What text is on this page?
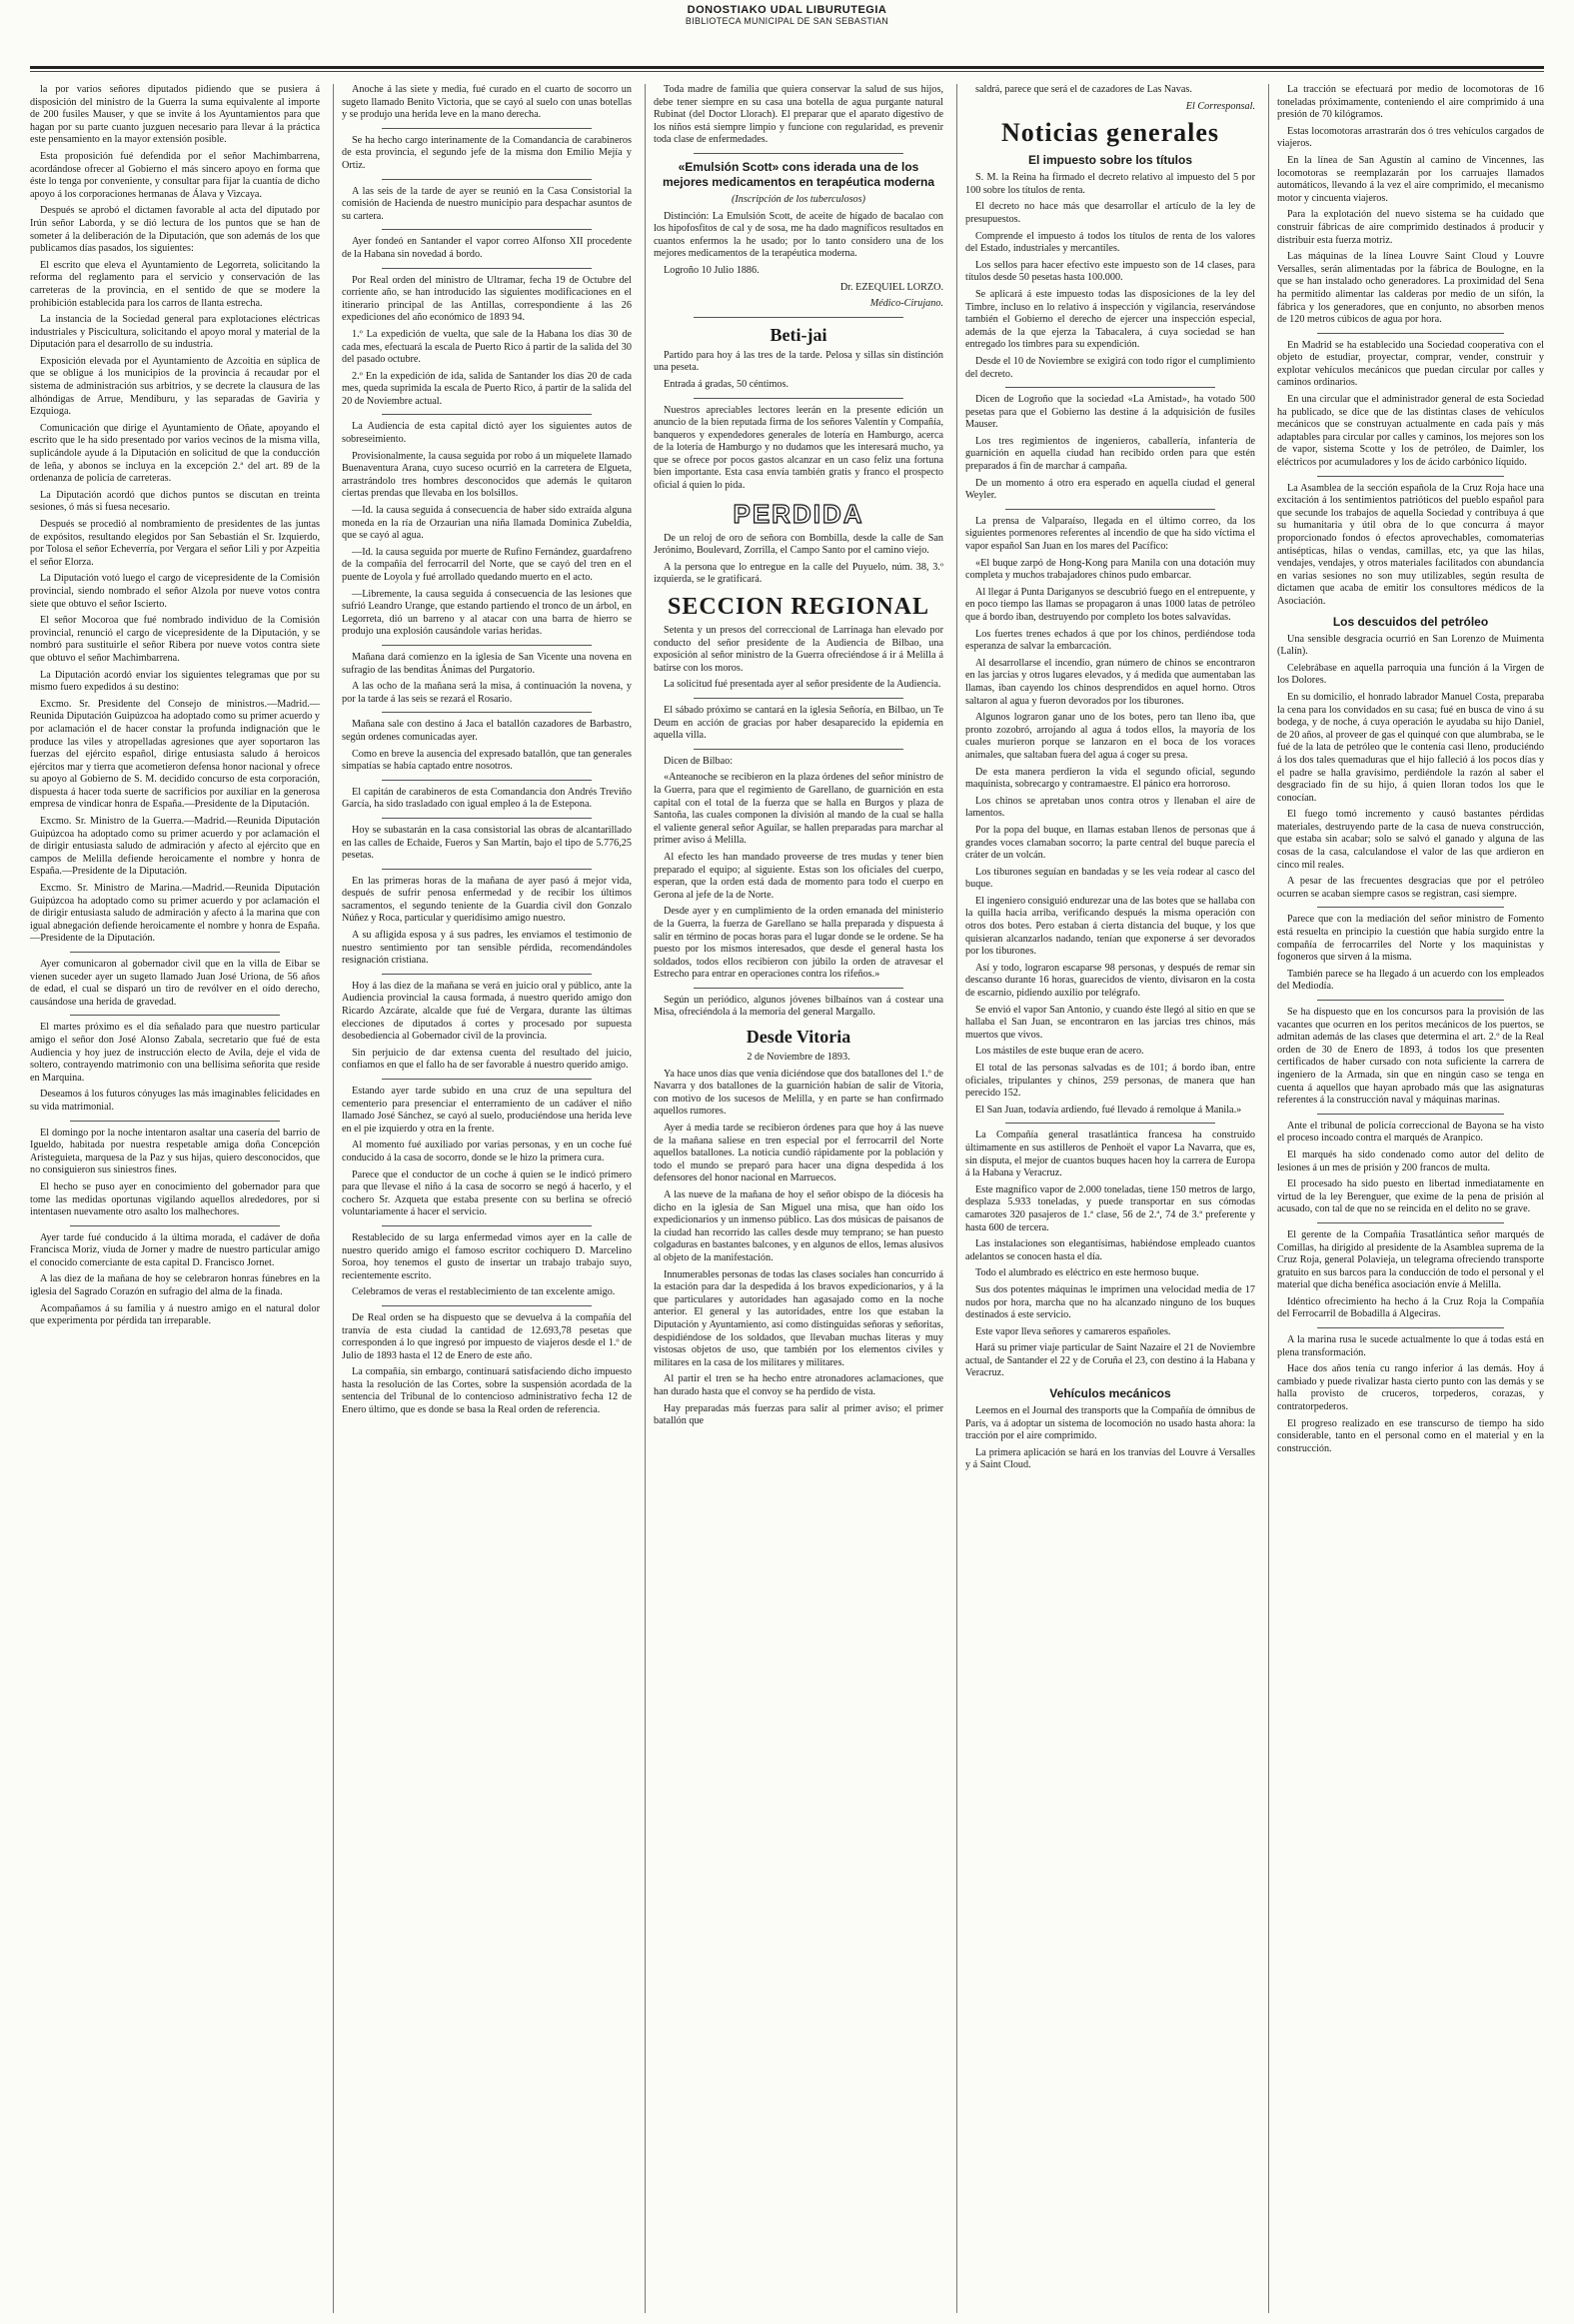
DONOSTIAKO UDAL LIBURUTEGIA
BIBLIOTECA MUNICIPAL DE SAN SEBASTIAN

la por varios señores diputados pidiendo que se pusiera á disposición del ministro de la Guerra la suma equivalente al importe de 200 fusiles Mauser, y que se invite á los Ayuntamientos para que hagan por su parte cuanto juzguen necesario para llevar á la práctica este pensamiento en la mayor extensión posible.

Esta proposición fué defendida por el señor Machimbarrena, acordándose ofrecer al Gobierno el más sincero apoyo en forma que éste lo tenga por conveniente, y consultar para fijar la cuantía de dicho apoyo á los corporaciones hermanas de Álava y Vizcaya.

Después se aprobó el dictamen favorable al acta del diputado por Irún señor Laborda, y se dió lectura de los puntos que se han de someter á la deliberación de la Diputación, que son además de los que publicamos días pasados, los siguientes:

El escrito que eleva el Ayuntamiento de Legorreta, solicitando la reforma del reglamento para el servicio y conservación de las carreteras de la provincia, en el sentido de que se modere la prohibición establecida para los carros de llanta estrecha.

La instancia de la Sociedad general para explotaciones eléctricas industriales y Piscicultura, solicitando el apoyo moral y material de la Diputación para el desarrollo de su industria.

Exposición elevada por el Ayuntamiento de Azcoitia en súplica de que se obligue á los municipios de la provincia á recaudar por el sistema de administración sus arbitrios, y se decrete la clausura de las alhóndigas de Arrue, Mendiburu, y las separadas de Gaviria y Ezquioga.

Comunicación que dirige el Ayuntamiento de Oñate, apoyando el escrito que le ha sido presentado por varios vecinos de la misma villa, suplicándole ayude á la Diputación en solicitud de que la conducción de leña, y abonos se incluya en la excepción 2.ª del art. 89 de la ordenanza de policía de carreteras.

La Diputación acordó que dichos puntos se discutan en treinta sesiones, ó más si fuesa necesario.

Después se procedió al nombramiento de presidentes de las juntas de expósitos, resultando elegidos por San Sebastián el Sr. Izquierdo, por Tolosa el señor Echeverría, por Vergara el señor Lili y por Azpeitia el señor Elorza.

La Diputación votó luego el cargo de vicepresidente de la Comisión provincial, siendo nombrado el señor Alzola por nueve votos contra siete que obtuvo el señor Iscierto.

El señor Mocoroa que fué nombrado individuo de la Comisión provincial, renunció el cargo de vicepresidente de la Diputación, y se nombró para sustituirle el señor Ribera por nueve votos contra siete que obtuvo el señor Machimbarrena.

La Diputación acordó enviar los siguientes telegramas que por su mismo fuero expedidos á su destino:

Excmo. Sr. Presidente del Consejo de ministros.—Madrid.—Reunida Diputación Guipúzcoa ha adoptado como su primer acuerdo y por aclamación el de hacer constar la profunda indignación que le produce las viles y atropelladas agresiones que ayer soportaron las fuerzas del ejército español, dirige entusiasta saludo á heroicos ejércitos mar y tierra que acometieron defensa honor nacional y ofrece su apoyo al Gobierno de S. M. decidido concurso de esta corporación, dispuesta á hacer toda suerte de sacrificios por auxiliar en la generosa empresa de vindicar honra de España.—Presidente de la Diputación.

Excmo. Sr. Ministro de la Guerra.—Madrid.—Reunida Diputación Guipúzcoa ha adoptado como su primer acuerdo y por aclamación el de dirigir entusiasta saludo de admiración y afecto al ejército que en campos de Melilla defiende heroicamente el nombre y honra de España.—Presidente de la Diputación.

Excmo. Sr. Ministro de Marina.—Madrid.—Reunida Diputación Guipúzcoa ha adoptado como su primer acuerdo y por aclamación el de dirigir entusiasta saludo de admiración y afecto á la marina que con igual abnegación defiende heroicamente el nombre y honra de España.—Presidente de la Diputación.

Ayer comunicaron al gobernador civil que en la villa de Eibar se vienen suceder ayer un sugeto llamado Juan José Uriona, de 56 años de edad, el cual se disparó un tiro de revólver en el oído derecho, causándose una herida de gravedad.

El martes próximo es el día señalado para que nuestro particular amigo el señor don José Alonso Zabala, secretario que fué de esta Audiencia y hoy juez de instrucción electo de Avila, deje el vida de soltero, contrayendo matrimonio con una bellísima señorita que reside en Marquina.

Deseamos á los futuros cónyuges las más imaginables felicidades en su vida matrimonial.

El domingo por la noche intentaron asaltar una casería del barrio de Igueldo, habitada por nuestra respetable amiga doña Concepción Aristeguieta, marquesa de la Paz y sus hijas, quiero desconocidos, que no consiguieron sus siniestros fines.

El hecho se puso ayer en conocimiento del gobernador para que tome las medidas oportunas vigilando aquellos alrededores, por si intentasen nuevamente otro asalto los malhechores.

Ayer tarde fué conducido á la última morada, el cadáver de doña Francisca Moriz, viuda de Jorner y madre de nuestro particular amigo el conocido comerciante de esta capital D. Francisco Jornet.

A las diez de la mañana de hoy se celebraron honras fúnebres en la iglesia del Sagrado Corazón en sufragio del alma de la finada.

Acompañamos á su familia y á nuestro amigo en el natural dolor que experimenta por pérdida tan irreparable.

Anoche á las siete y media, fué curado en el cuarto de socorro un sugeto llamado Benito Victoria, que se cayó al suelo con unas botellas y se produjo una herida leve en la mano derecha.

Se ha hecho cargo interinamente de la Comandancia de carabineros de esta provincia, el segundo jefe de la misma don Emilio Mejía y Ortiz.

A las seis de la tarde de ayer se reunió en la Casa Consistorial la comisión de Hacienda de nuestro municipio para despachar asuntos de su cartera.

Ayer fondeó en Santander el vapor correo Alfonso XII procedente de la Habana sin novedad á bordo.

Por Real orden del ministro de Ultramar, fecha 19 de Octubre del corriente año, se han introducido las siguientes modificaciones en el itinerario principal de las Antillas, correspondiente á las 26 expediciones del año económico de 1893 94.

1.º La expedición de vuelta, que sale de la Habana los días 30 de cada mes, efectuará la escala de Puerto Rico á partir de la salida del 30 del pasado octubre.

2.º En la expedición de ida, salida de Santander los días 20 de cada mes, queda suprimida la escala de Puerto Rico, á partir de la salida del 20 de Noviembre actual.

La Audiencia de esta capital dictó ayer los siguientes autos de sobreseimiento.

Provisionalmente, la causa seguida por robo á un miquelete llamado Buenaventura Arana, cuyo suceso ocurrió en la carretera de Elgueta, arrastrándolo tres hombres desconocidos que además le quitaron ciertas prendas que llevaba en los bolsillos.

—Id. la causa seguida á consecuencia de haber sido extraída alguna moneda en la ría de Orzaurian una niña llamada Dominica Zubeldia, que se cayó al agua.

—Id. la causa seguida por muerte de Rufino Fernández, guardafreno de la compañía del ferrocarril del Norte, que se cayó del tren en el puente de Loyola y fué arrollado quedando muerto en el acto.

—Libremente, la causa seguida á consecuencia de las lesiones que sufrió Leandro Urange, que estando partiendo el tronco de un árbol, en Legorreta, dió un barreno y al atacar con una barra de hierro se produjo una explosión causándole varias heridas.

Mañana dará comienzo en la iglesia de San Vicente una novena en sufragio de las benditas Ánimas del Purgatorio.

A las ocho de la mañana será la misa, á continuación la novena, y por la tarde á las seis se rezará el Rosario.

Mañana sale con destino á Jaca el batallón cazadores de Barbastro, según ordenes comunicadas ayer.

Como en breve la ausencia del expresado batallón, que tan generales simpatías se había captado entre nosotros.

El capitán de carabineros de esta Comandancia don Andrés Treviño García, ha sido trasladado con igual empleo á la de Estepona.

Hoy se subastarán en la casa consistorial las obras de alcantarillado en las calles de Echaide, Fueros y San Martín, bajo el tipo de 5.776,25 pesetas.

En las primeras horas de la mañana de ayer pasó á mejor vida, después de sufrir penosa enfermedad y de recibir los últimos sacramentos, el segundo teniente de la Guardia civil don Gonzalo Núñez y Roca, particular y queridísimo amigo nuestro.

A su afligida esposa y á sus padres, les enviamos el testimonio de nuestro sentimiento por tan sensible pérdida, recomendándoles resignación cristiana.

Hoy á las diez de la mañana se verá en juicio oral y público, ante la Audiencia provincial la causa formada, á nuestro querido amigo don Ricardo Azcárate, alcalde que fué de Vergara, durante las últimas elecciones de diputados á cortes y procesado por supuesta desobediencia al Gobernador civil de la provincia.

Sin perjuicio de dar extensa cuenta del resultado del juicio, confiamos en que el fallo ha de ser favorable á nuestro querido amigo.

Estando ayer tarde subido en una cruz de una sepultura del cementerio para presenciar el enterramiento de un cadáver el niño llamado José Sánchez, se cayó al suelo, produciéndose una herida leve en el pie izquierdo y otra en la frente.

Al momento fué auxiliado por varias personas, y en un coche fué conducido á la casa de socorro, donde se le hizo la primera cura.

Parece que el conductor de un coche á quien se le indicó primero para que llevase el niño á la casa de socorro se negó á hacerlo, y el cochero Sr. Azqueta que estaba presente con su berlina se ofreció voluntariamente á hacer el servicio.

Restablecido de su larga enfermedad vimos ayer en la calle de nuestro querido amigo el famoso escritor cochiquero D. Marcelino Soroa, hoy tenemos el gusto de insertar un trabajo trabajo suyo, recientemente escrito.

Celebramos de veras el restablecimiento de tan excelente amigo.

De Real orden se ha dispuesto que se devuelva á la compañía del tranvía de esta ciudad la cantidad de 12.693,78 pesetas que corresponden á lo que ingresó por impuesto de viajeros desde el 1.º de Julio de 1893 hasta el 12 de Enero de este año.

La compañía, sin embargo, continuará satisfaciendo dicho impuesto hasta la resolución de las Cortes, sobre la suspensión acordada de la sentencia del Tribunal de lo contencioso administrativo fecha 12 de Enero último, que es donde se basa la Real orden de referencia.

Toda madre de familia que quiera conservar la salud de sus hijos, debe tener siempre en su casa una botella de agua purgante natural Rubinat (del Doctor Llorach). El preparar que el aparato digestivo de los niños está siempre limpio y funcione con regularidad, es prevenir toda clase de enfermedades.

«Emulsión Scott» cons iderada una de los mejores medicamentos en terapéutica moderna
(Inscripción de los tuberculosos)

Distinción: La Emulsión Scott, de aceite de hígado de bacalao con los hipofosfitos de cal y de sosa, me ha dado magníficos resultados en cuantos enfermos la he usado; por lo tanto considero una de los mejores medicamentos de la terapéutica moderna.

Logroño 10 Julio 1886.

Dr. EZEQUIEL LORZO.
Médico-Cirujano.
Beti-jai

Partido para hoy á las tres de la tarde. Pelosa y sillas sin distinción una peseta.

Entrada á gradas, 50 céntimos.

Nuestros apreciables lectores leerán en la presente edición un anuncio de la bien reputada firma de los señores Valentín y Compañía, banqueros y expendedores generales de lotería en Hamburgo, acerca de la lotería de Hamburgo y no dudamos que les interesará mucho, ya que se ofrece por pocos gastos alcanzar en un caso feliz una fortuna bien importante. Esta casa envía también gratis y franco el prospecto oficial á quien lo pida.

PERDIDA

De un reloj de oro de señora con Bombilla, desde la calle de San Jerónimo, Boulevard, Zorrilla, el Campo Santo por el camino viejo.

A la persona que lo entregue en la calle del Puyuelo, núm. 38, 3.º izquierda, se le gratificará.

SECCION REGIONAL

Setenta y un presos del correccional de Larrinaga han elevado por conducto del señor presidente de la Audiencia de Bilbao, una exposición al señor ministro de la Guerra ofreciéndose á ir á Melilla á batirse con los moros.

La solicitud fué presentada ayer al señor presidente de la Audiencia.

El sábado próximo se cantará en la iglesia Señoría, en Bilbao, un Te Deum en acción de gracias por haber desaparecido la epidemia en aquella villa.

Dicen de Bilbao:

«Anteanoche se recibieron en la plaza órdenes del señor ministro de la Guerra, para que el regimiento de Garellano, de guarnición en esta capital con el total de la fuerza que se halla en Burgos y plaza de Santoña, las cuales componen la división al mando de la cual se halla el valiente general señor Aguilar, se hallen preparadas para marchar al primer aviso á Melilla.

Al efecto les han mandado proveerse de tres mudas y tener bien preparado el equipo; al siguiente. Estas son los oficiales del cuerpo, esperan, que la orden está dada de momento para todo el cuerpo en Gerona al jefe de la de Norte.

Desde ayer y en cumplimiento de la orden emanada del ministerio de la Guerra, la fuerza de Garellano se halla preparada y dispuesta á salir en término de pocas horas para el lugar donde se le ordene. Se ha puesto por los mismos interesados, que desde el general hasta los soldados, todos ellos recibieron con júbilo la orden de atravesar el Estrecho para entrar en operaciones contra los rifeños.»

Según un periódico, algunos jóvenes bilbaínos van á costear una Misa, ofreciéndola á la memoria del general Margallo.

Desde Vitoria
2 de Noviembre de 1893.

Ya hace unos días que venía diciéndose que dos batallones del 1.º de Navarra y dos batallones de la guarnición habían de salir de Vitoria, con motivo de los sucesos de Melilla, y en parte se han confirmado aquellos rumores.

Ayer á media tarde se recibieron órdenes para que hoy á las nueve de la mañana saliese en tren especial por el ferrocarril del Norte aquellos batallones. La noticia cundió rápidamente por la población y todo el mundo se preparó para hacer una digna despedida á los defensores del honor nacional en Marruecos.

A las nueve de la mañana de hoy el señor obispo de la diócesis ha dicho en la iglesia de San Miguel una misa, que han oído los expedicionarios y un inmenso público. Las dos músicas de paisanos de la ciudad han recorrido las calles desde muy temprano; se han puesto colgaduras en bastantes balcones, y en algunos de ellos, lemas alusivos al objeto de la manifestación.

Innumerables personas de todas las clases sociales han concurrido á la estación para dar la despedida á los bravos expedicionarios, y á la que particulares y autoridades han agasajado como en la noche anterior. El general y las autoridades, entre los que estaban la Diputación y Ayuntamiento, así como distinguidas señoras y señoritas, despidiéndose de los soldados, que llevaban muchas literas y muy vistosas objetos de uso, que también por los elementos civiles y militares en la casa de los militares y militares.

Al partir el tren se ha hecho entre atronadores aclamaciones, que han durado hasta que el convoy se ha perdido de vista.

Hay preparadas más fuerzas para salir al primer aviso; el primer batallón que

saldrá, parece que será el de cazadores de Las Navas.

El Corresponsal.
Noticias generales
El impuesto sobre los títulos

S. M. la Reina ha firmado el decreto relativo al impuesto del 5 por 100 sobre los títulos de renta.

El decreto no hace más que desarrollar el artículo de la ley de presupuestos.

Comprende el impuesto á todos los títulos de renta de los valores del Estado, industriales y mercantiles.

Los sellos para hacer efectivo este impuesto son de 14 clases, para títulos desde 50 pesetas hasta 100.000.

Se aplicará á este impuesto todas las disposiciones de la ley del Timbre, incluso en lo relativo á inspección y vigilancia, reservándose también el Gobierno el derecho de ejercer una inspección especial, además de la que ejerza la Tabacalera, á cuya sociedad se han entregado los timbres para su expendición.

Desde el 10 de Noviembre se exigirá con todo rigor el cumplimiento del decreto.

Dicen de Logroño que la sociedad «La Amistad», ha votado 500 pesetas para que el Gobierno las destine á la adquisición de fusiles Mauser.

Los tres regimientos de ingenieros, caballería, infantería de guarnición en aquella ciudad han recibido orden para que estén preparados á fin de marchar á campaña.

De un momento á otro era esperado en aquella ciudad el general Weyler.

La prensa de Valparaíso, llegada en el último correo, da los siguientes pormenores referentes al incendio de que ha sido víctima el vapor español San Juan en los mares del Pacífico:

«El buque zarpó de Hong-Kong para Manila con una dotación muy completa y muchos trabajadores chinos pudo embarcar.

Al llegar á Punta Dariganyos se descubrió fuego en el entrepuente, y en poco tiempo las llamas se propagaron á unas 1000 latas de petróleo que á bordo iban, destruyendo por completo los botes salvavidas.

Los fuertes trenes echados á que por los chinos, perdiéndose toda esperanza de salvar la embarcación.

Al desarrollarse el incendio, gran número de chinos se encontraron en las jarcias y otros lugares elevados, y á medida que aumentaban las llamas, iban cayendo los chinos desprendidos en aquel horno. Otros saltaron al agua y fueron devorados por los tiburones.

Algunos lograron ganar uno de los botes, pero tan lleno iba, que pronto zozobró, arrojando al agua á todos ellos, la mayoría de los cuales murieron porque se lanzaron en el boca de los voraces animales, que saltaban fuera del agua á coger su presa.

De esta manera perdieron la vida el segundo oficial, segundo maquinista, sobrecargo y contramaestre. El pánico era horroroso.

Los chinos se apretaban unos contra otros y llenaban el aire de lamentos.

Por la popa del buque, en llamas estaban llenos de personas que á grandes voces clamaban socorro; la parte central del buque parecía el cráter de un volcán.

Los tiburones seguían en bandadas y se les veía rodear al casco del buque.

El ingeniero consiguió endurezar una de las botes que se hallaba con la quilla hacia arriba, verificando después la misma operación con otros dos botes. Pero estaban á cierta distancia del buque, y los que quisieran alcanzarlos nadando, tenían que exponerse á ser devorados por los tiburones.

Así y todo, lograron escaparse 98 personas, y después de remar sin descanso durante 16 horas, guarecidos de viento, divisaron en la costa de escarnio, pidiendo auxilio por telégrafo.

Se envió el vapor San Antonio, y cuando éste llegó al sitio en que se hallaba el San Juan, se encontraron en las jarcias tres chinos, más muertos que vivos.

Los mástiles de este buque eran de acero.

El total de las personas salvadas es de 101; á bordo iban, entre oficiales, tripulantes y chinos, 259 personas, de manera que han perecido 152.

El San Juan, todavía ardiendo, fué llevado á remolque á Manila.»

La Compañía general trasatlántica francesa ha construido últimamente en sus astilleros de Penhoët el vapor La Navarra, que es, sin disputa, el mejor de cuantos buques hacen hoy la carrera de Europa á la Habana y Veracruz.

Este magnífico vapor de 2.000 toneladas, tiene 150 metros de largo, desplaza 5.933 toneladas, y puede transportar en sus cómodas camarotes 320 pasajeros de 1.ª clase, 56 de 2.ª, 74 de 3.ª preferente y hasta 600 de tercera.

Las instalaciones son elegantísimas, habiéndose empleado cuantos adelantos se conocen hasta el día.

Todo el alumbrado es eléctrico en este hermoso buque.

Sus dos potentes máquinas le imprimen una velocidad media de 17 nudos por hora, marcha que no ha alcanzado ninguno de los buques destinados á este servicio.

Este vapor lleva señores y camareros españoles.

Hará su primer viaje particular de Saint Nazaire el 21 de Noviembre actual, de Santander el 22 y de Coruña el 23, con destino á la Habana y Veracruz.

Vehículos mecánicos

Leemos en el Journal des transports que la Compañía de ómnibus de París, va á adoptar un sistema de locomoción no usado hasta ahora: la tracción por el aire comprimido.

La primera aplicación se hará en los tranvías del Louvre á Versalles y á Saint Cloud.

La tracción se efectuará por medio de locomotoras de 16 toneladas próximamente, conteniendo el aire comprimido á una presión de 70 kilógramos.

Estas locomotoras arrastrarán dos ó tres vehículos cargados de viajeros.

En la línea de San Agustín al camino de Vincennes, las locomotoras se reemplazarán por los carruajes llamados automáticos, llevando á la vez el aire comprimido, el mecanismo motor y cincuenta viajeros.

Para la explotación del nuevo sistema se ha cuidado que construir fábricas de aire comprimido destinados á producir y distribuir esta fuerza motriz.

Las máquinas de la línea Louvre Saint Cloud y Louvre Versalles, serán alimentadas por la fábrica de Boulogne, en la que se han instalado ocho generadores. La proximidad del Sena ha permitido alimentar las calderas por medio de un sifón, la fábrica y los generadores, que en conjunto, no absorben menos de 120 metros cúbicos de agua por hora.

En Madrid se ha establecido una Sociedad cooperativa con el objeto de estudiar, proyectar, comprar, vender, construir y explotar vehículos mecánicos que puedan circular por calles y caminos ordinarios.

En una circular que el administrador general de esta Sociedad ha publicado, se dice que de las distintas clases de vehículos mecánicos que se construyan actualmente en cada país y más adaptables para circular por calles y caminos, los mejores son los de vapor, sistema Scotte y los de petróleo, de Daimler, los eléctricos por acumuladores y los de ácido carbónico líquido.

La Asamblea de la sección española de la Cruz Roja hace una excitación á los sentimientos patrióticos del pueblo español para que secunde los trabajos de aquella Sociedad y contribuya á que su humanitaria y útil obra de lo que concurra á mayor proporcionado fondos ó efectos aprovechables, comomaterias antisépticas, hilas o vendas, camillas, etc, ya que las hilas, vendajes, vendajes, y otros materiales facilitados con abundancia en varias sesiones no son muy utilizables, según resulta de dictamen que acaba de emitir los consultores médicos de la Asociación.

Los descuidos del petróleo

Una sensible desgracia ocurrió en San Lorenzo de Muimenta (Lalín).

Celebrábase en aquella parroquia una función á la Virgen de los Dolores.

En su domicilio, el honrado labrador Manuel Costa, preparaba la cena para los convidados en su casa; fué en busca de vino á su bodega, y de noche, á cuya operación le ayudaba su hijo Daniel, de 20 años, al proveer de gas el quinqué con que alumbraba, se le fué de la lata de petróleo que le contenía casi lleno, produciéndo á los dos tales quemaduras que el hijo falleció á los pocos días y el padre se halla gravísimo, perdiéndole la razón al saber el desgraciado fin de su hijo, á quien lloran todos los que le conocían.

El fuego tomó incremento y causó bastantes pérdidas materiales, destruyendo parte de la casa de nueva construcción, que estaba sin acabar; solo se salvó el ganado y alguna de las cosas de la casa, calculandose el valor de las que ardieron en cinco mil reales.

A pesar de las frecuentes desgracias que por el petróleo ocurren se acaban siempre casos se registran, casi siempre.

Parece que con la mediación del señor ministro de Fomento está resuelta en principio la cuestión que había surgido entre la compañía de ferrocarriles del Norte y los maquinistas y fogoneros que sirven á la misma.

También parece se ha llegado á un acuerdo con los empleados del Mediodía.

Se ha dispuesto que en los concursos para la provisión de las vacantes que ocurren en los peritos mecánicos de los puertos, se admitan además de las clases que determina el art. 2.º de la Real orden de 30 de Enero de 1893, á todos los que presenten certificados de haber cursado con nota suficiente la carrera de ingeniero de la Armada, sin que en ningún caso se tenga en cuenta á aquellos que hayan aprobado más que las asignaturas referentes á la construcción naval y máquinas marinas.

Ante el tribunal de policía correccional de Bayona se ha visto el proceso incoado contra el marqués de Aranpico.

El marqués ha sido condenado como autor del delito de lesiones á un mes de prisión y 200 francos de multa.

El procesado ha sido puesto en libertad inmediatamente en virtud de la ley Berenguer, que exime de la pena de prisión al acusado, con tal de que no se reincida en el delito no se grave.

El gerente de la Compañía Trasatlántica señor marqués de Comillas, ha dirigido al presidente de la Asamblea suprema de la Cruz Roja, general Polavieja, un telegrama ofreciendo transporte gratuito en sus barcos para la conducción de todo el personal y el material que dicha benéfica asociación envíe á Melilla.

Idéntico ofrecimiento ha hecho á la Cruz Roja la Compañía del Ferrocarril de Bobadilla á Algeciras.

A la marina rusa le sucede actualmente lo que á todas está en plena transformación.

Hace dos años tenía cu rango inferior á las demás. Hoy á cambiado y puede rivalizar hasta cierto punto con las demás y se halla provisto de cruceros, torpederos, corazas, y contratorpederos.

El progreso realizado en ese transcurso de tiempo ha sido considerable, tanto en el personal como en el material y en la construcción.
